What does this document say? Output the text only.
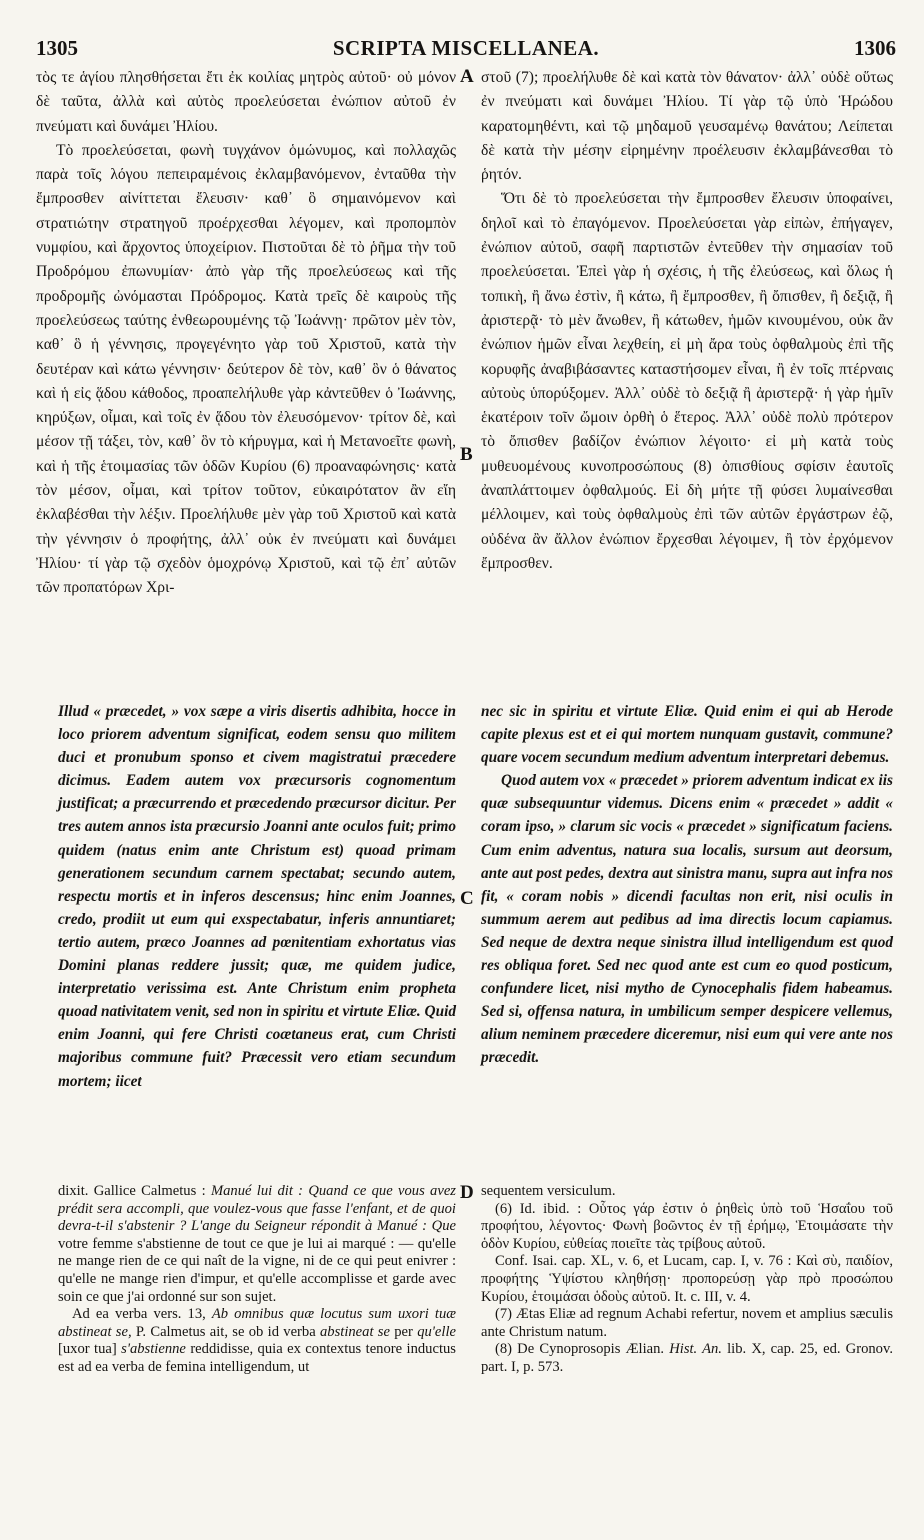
1305	SCRIPTA MISCELLANEA.	1306

τὸς τε ἁγίου πλησθήσεται ἔτι ἐκ κοιλίας μητρὸς αὐτοῦ· οὐ μόνον δὲ ταῦτα, ἀλλὰ καὶ αὐτὸς προελεύσεται ἐνώπιον αὐτοῦ ἐν πνεύματι καὶ δυνάμει Ἠλίου.

Τὸ προελεύσεται, φωνὴ τυγχάνον ὁμώνυμος, καὶ πολλαχῶς παρὰ τοῖς λόγου πεπειραμένοις ἐκλαμβανόμενον, ἐνταῦθα τὴν ἔμπροσθεν αἰνίττεται ἔλευσιν· καθ᾽ ὃ σημαινόμενον καὶ στρατιώτην στρατηγοῦ προέρχεσθαι λέγομεν, καὶ προπομπὸν νυμφίου, καὶ ἄρχοντος ὑποχείριον. Πιστοῦται δὲ τὸ ῥῆμα τὴν τοῦ Προδρόμου ἐπωνυμίαν· ἀπὸ γὰρ τῆς προελεύσεως καὶ τῆς προδρομῆς ὠνόμασται Πρόδρομος. Κατὰ τρεῖς δὲ καιροὺς τῆς προελεύσεως ταύτης ἐνθεωρουμένης τῷ Ἰωάννῃ· πρῶτον μὲν τὸν, καθ᾽ ὃ ἡ γέννησις, προγεγένητο γὰρ τοῦ Χριστοῦ, κατὰ τὴν δευτέραν καὶ κάτω γέννησιν· δεύτερον δὲ τὸν, καθ᾽ ὃν ὁ θάνατος καὶ ἡ εἰς ᾅδου κάθοδος, προαπελήλυθε γὰρ κἀντεῦθεν ὁ Ἰωάννης, κηρύξων, οἶμαι, καὶ τοῖς ἐν ᾅδου τὸν ἐλευσόμενον· τρίτον δὲ, καὶ μέσον τῇ τάξει, τὸν, καθ᾽ ὃν τὸ κήρυγμα, καὶ ἡ Μετανοεῖτε φωνὴ, καὶ ἡ τῆς ἑτοιμασίας τῶν ὁδῶν Κυρίου (6) προαναφώνησις· κατὰ τὸν μέσον, οἶμαι, καὶ τρίτον τοῦτον, εὐκαιρότατον ἂν εἴη ἐκλαβέσθαι τὴν λέξιν. Προελήλυθε μὲν γὰρ τοῦ Χριστοῦ καὶ κατὰ τὴν γέννησιν ὁ προφήτης, ἀλλ᾽ οὐκ ἐν πνεύματι καὶ δυνάμει Ἠλίου· τί γὰρ τῷ σχεδὸν ὁμοχρόνῳ Χριστοῦ, καὶ τῷ ἐπ᾽ αὐτῶν τῶν προπατόρων Χρι-

στοῦ (7); προελήλυθε δὲ καὶ κατὰ τὸν θάνατον· ἀλλ᾽ οὐδὲ οὕτως ἐν πνεύματι καὶ δυνάμει Ἠλίου. Τί γὰρ τῷ ὑπὸ Ἡρώδου καρατομηθέντι, καὶ τῷ μηδαμοῦ γευσαμένῳ θανάτου; Λείπεται δὲ κατὰ τὴν μέσην εἰρημένην προέλευσιν ἐκλαμβάνεσθαι τὸ ῥητόν.

Ὅτι δὲ τὸ προελεύσεται τὴν ἔμπροσθεν ἔλευσιν ὑποφαίνει, δηλοῖ καὶ τὸ ἐπαγόμενον. Προελεύσεται γὰρ εἰπὼν, ἐπήγαγεν, ἐνώπιον αὐτοῦ, σαφῆ παρτιστῶν ἐντεῦθεν τὴν σημασίαν τοῦ προελεύσεται. Ἐπεὶ γὰρ ἡ σχέσις, ἡ τῆς ἐλεύσεως, καὶ ὅλως ἡ τοπικὴ, ἢ ἄνω ἐστὶν, ἢ κάτω, ἢ ἔμπροσθεν, ἢ ὄπισθεν, ἢ δεξιᾷ, ἢ ἀριστερᾷ· τὸ μὲν ἄνωθεν, ἢ κάτωθεν, ἡμῶν κινουμένου, οὐκ ἂν ἐνώπιον ἡμῶν εἶναι λεχθείη, εἰ μὴ ἄρα τοὺς ὀφθαλμοὺς ἐπὶ τῆς κορυφῆς ἀναβιβάσαντες καταστήσομεν εἶναι, ἢ ἐν τοῖς πτέρναις αὐτοὺς ὑπορύξομεν. Ἀλλ᾽ οὐδὲ τὸ δεξιᾷ ἢ ἀριστερᾷ· ἡ γὰρ ἡμῖν ἑκατέροιν τοῖν ὤμοιν ὀρθὴ ὁ ἕτερος. Ἀλλ᾽ οὐδὲ πολὺ πρότερον τὸ ὄπισθεν βαδίζον ἐνώπιον λέγοιτο· εἰ μὴ κατὰ τοὺς μυθευομένους κυνοπροσώπους (8) ὀπισθίους σφίσιν ἑαυτοῖς ἀναπλάττοιμεν ὀφθαλμούς. Εἰ δὴ μήτε τῇ φύσει λυμαίνεσθαι μέλλοιμεν, καὶ τοὺς ὀφθαλμοὺς ἐπὶ τῶν αὐτῶν ἐργάστρων ἐῷ, οὐδένα ἂν ἄλλον ἐνώπιον ἔρχεσθαι λέγοιμεν, ἢ τὸν ἐρχόμενον ἔμπροσθεν.

A
B
C
D

Illud « præcedet, » vox sæpe a viris disertis adhibita, hocce in loco priorem adventum significat, eodem sensu quo militem duci et pronubum sponso et civem magistratui præcedere dicimus. Eadem autem vox præcursoris cognomentum justificat; a præcurrendo et præcedendo præcursor dicitur. Per tres autem annos ista præcursio Joanni ante oculos fuit; primo quidem (natus enim ante Christum est) quoad primam generationem secundum carnem spectabat; secundo autem, respectu mortis et in inferos descensus; hinc enim Joannes, credo, prodiit ut eum qui exspectabatur, inferis annuntiaret; tertio autem, præco Joannes ad pœnitentiam exhortatus vias Domini planas reddere jussit; quæ, me quidem judice, interpretatio verissima est. Ante Christum enim propheta quoad nativitatem venit, sed non in spiritu et virtute Eliæ. Quid enim Joanni, qui fere Christi coætaneus erat, cum Christi majoribus commune fuit? Præcessit vero etiam secundum mortem; iicet

nec sic in spiritu et virtute Eliæ. Quid enim ei qui ab Herode capite plexus est et ei qui mortem nunquam gustavit, commune? quare vocem secundum medium adventum interpretari debemus.

Quod autem vox « præcedet » priorem adventum indicat ex iis quæ subsequuntur videmus. Dicens enim « præcedet » addit « coram ipso, » clarum sic vocis « præcedet » significatum faciens. Cum enim adventus, natura sua localis, sursum aut deorsum, ante aut post pedes, dextra aut sinistra manu, supra aut infra nos fit, « coram nobis » dicendi facultas non erit, nisi oculis in summum aerem aut pedibus ad ima directis locum capiamus. Sed neque de dextra neque sinistra illud intelligendum est quod res obliqua foret. Sed nec quod ante est cum eo quod posticum, confundere licet, nisi mytho de Cynocephalis fidem habeamus. Sed si, offensa natura, in umbilicum semper despicere vellemus, alium neminem præcedere diceremur, nisi eum qui vere ante nos præcedit.

dixit. Gallice Calmetus : Manué lui dit : Quand ce que vous avez prédit sera accompli, que voulez-vous que fasse l'enfant, et de quoi devra-t-il s'abstenir ? L'ange du Seigneur répondit à Manué : Que votre femme s'abstienne de tout ce que je lui ai marqué : — qu'elle ne mange rien de ce qui naît de la vigne, ni de ce qui peut enivrer : qu'elle ne mange rien d'impur, et qu'elle accomplisse et garde avec soin ce que j'ai ordonné sur son sujet.

Ad ea verba vers. 13, Ab omnibus quæ locutus sum uxori tuæ abstineat se, P. Calmetus ait, se ob id verba abstineat se per qu'elle [uxor tua] s'abstienne reddidisse, quia ex contextus tenore inductus est ad ea verba de femina intelligendum, ut

sequentem versiculum.

(6) Id. ibid. : Οὗτος γάρ ἐστιν ὁ ῥηθεὶς ὑπὸ τοῦ Ἡσαΐου τοῦ προφήτου, λέγοντος· Φωνὴ βοῶντος ἐν τῇ ἐρήμῳ, Ἑτοιμάσατε τὴν ὁδὸν Κυρίου, εὐθείας ποιεῖτε τὰς τρίβους αὐτοῦ.

Conf. Isai. cap. XL, v. 6, et Lucam, cap. I, v. 76 : Καὶ σὺ, παιδίον, προφήτης Ὑψίστου κληθήσῃ· προπορεύσῃ γὰρ πρὸ προσώπου Κυρίου, ἑτοιμάσαι ὁδοὺς αὐτοῦ. It. c. III, v. 4.

(7) Ætas Eliæ ad regnum Achabi refertur, novem et amplius sæculis ante Christum natum.

(8) De Cynoprosopis Ælian. Hist. An. lib. X, cap. 25, ed. Gronov. part. I, p. 573.
